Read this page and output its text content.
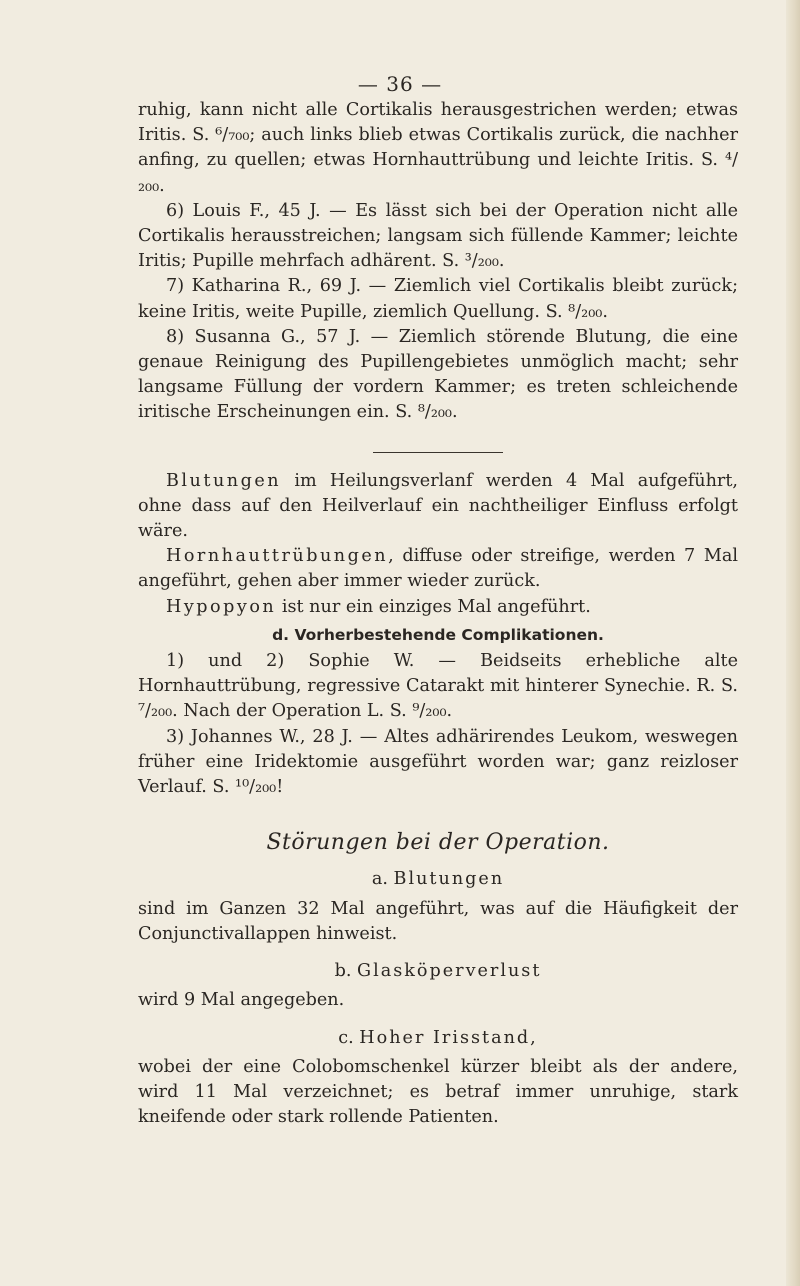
— 36 —

ruhig, kann nicht alle Cortikalis herausgestrichen werden; etwas Iritis. S. ⁶/₇₀₀; auch links blieb etwas Cortikalis zurück, die nachher anfing, zu quellen; etwas Hornhauttrübung und leichte Iritis. S. ⁴/₂₀₀.

6) Louis F., 45 J. — Es lässt sich bei der Operation nicht alle Cortikalis herausstreichen; langsam sich füllende Kammer; leichte Iritis; Pupille mehrfach adhärent. S. ³/₂₀₀.

7) Katharina R., 69 J. — Ziemlich viel Cortikalis bleibt zurück; keine Iritis, weite Pupille, ziemlich Quellung. S. ⁸/₂₀₀.

8) Susanna G., 57 J. — Ziemlich störende Blutung, die eine genaue Reinigung des Pupillengebietes unmöglich macht; sehr langsame Füllung der vordern Kammer; es treten schleichende iritische Erscheinungen ein. S. ⁸/₂₀₀.

Blutungen im Heilungsverlanf werden 4 Mal aufgeführt, ohne dass auf den Heilverlauf ein nachtheiliger Einfluss erfolgt wäre.

Hornhauttrübungen, diffuse oder streifige, werden 7 Mal angeführt, gehen aber immer wieder zurück.

Hypopyon ist nur ein einziges Mal angeführt.

d. Vorherbestehende Complikationen.

1) und 2) Sophie W. — Beidseits erhebliche alte Hornhauttrübung, regressive Catarakt mit hinterer Synechie. R. S. ⁷/₂₀₀. Nach der Operation L. S. ⁹/₂₀₀.

3) Johannes W., 28 J. — Altes adhärirendes Leukom, weswegen früher eine Iridektomie ausgeführt worden war; ganz reizloser Verlauf. S. ¹⁰/₂₀₀!

Störungen bei der Operation.
a. Blutungen

sind im Ganzen 32 Mal angeführt, was auf die Häufigkeit der Conjunctivallappen hinweist.

b. Glasköperverlust

wird 9 Mal angegeben.

c. Hoher Irisstand,

wobei der eine Colobomschenkel kürzer bleibt als der andere, wird 11 Mal verzeichnet; es betraf immer unruhige, stark kneifende oder stark rollende Patienten.
